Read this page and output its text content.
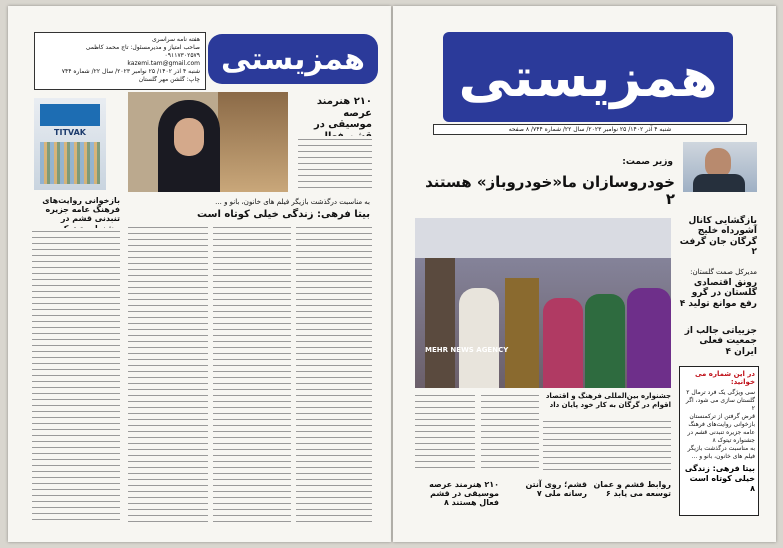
هفته نامه سراسری
صاحب امتیاز و مدیرمسئول: تاج محمد کاظمی
۰۹۱۱۷۳۰۲۵۷۹
kazemi.tam@gmail.com
شنبه ۴ آذر ۱۴۰۲/ ۲۵ نوامبر ۲۰۲۳/ سال ۲۲/ شماره ۷۴۴
چاپ: گلشن مهر گلستان
همزیستی
TITVAK
۲۱۰ هنرمند عرصه موسیقی در
به مناسبت درگذشت بازیگر فیلم های خانون، بانو و ...
بیتا فرهی: زندگی خیلی کوتاه است
بازخوانی روایت‌های فرهنگ عامه جزیره تنبدنی قشم در
همزیستی
شنبه ۴ آذر ۱۴۰۲/ ۲۵ نوامبر ۲۰۲۳/ سال ۲۲/ شماره ۷۴۴/ ۸ صفحه
وزیر صمت:
خودروسازان ما«خودروباز» هستند ۲
MEHR NEWS AGENCY
جشنواره بین‌المللی فرهنگ و اقتصاد اقوام در گرگان به کار خود پایان داد
روابط قشم و عمان توسعه می یابد ۶
قشم؛ روی آنتن رسانه ملی ۷
۲۱۰ هنرمند عرصه موسیقی در قشم فعال هستند ۸
بازگشایی کانال آشورداه خلیج گرگان جان گرفت ۲
مدیرکل صمت گلستان:
رونق اقتصادی گلستان در گرو رفع موانع تولید ۴
جزییاتی جالب از جمعیت فعلی ایران ۴
در این شماره می خوانید:
سی ویژگی یک فرد ترمال ۲
گلستان سازی می شود، اگر ۲
قرض گرفتن از ترکمنستان
بازخوانی روایت‌های فرهنگ عامه جزیره تنبدنی قشم در جشنواره تیتوک ۸
به مناسبت درگذشت بازیگر فیلم های خانون، بانو و ...
بیتا فرهی: زندگی خیلی کوتاه است ۸
